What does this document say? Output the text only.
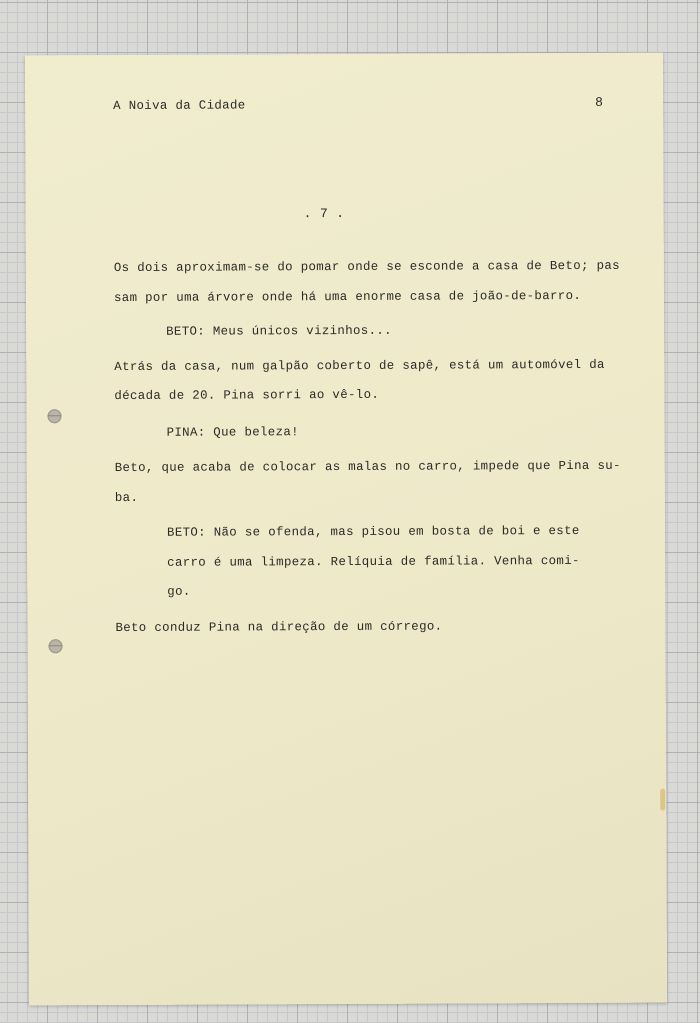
A Noiva da Cidade	8
. 7 .
Os dois aproximam-se do pomar onde se esconde a casa de Beto; pas
sam por uma árvore onde há uma enorme casa de joão-de-barro.
BETO: Meus únicos vizinhos...
Atrás da casa, num galpão coberto de sapê, está um automóvel da
década de 20. Pina sorri ao vê-lo.
PINA: Que beleza!
Beto, que acaba de colocar as malas no carro, impede que Pina su-
ba.
BETO: Não se ofenda, mas pisou em bosta de boi e este
carro é uma limpeza. Relíquia de família. Venha comi-
go.
Beto conduz Pina na direção de um córrego.
